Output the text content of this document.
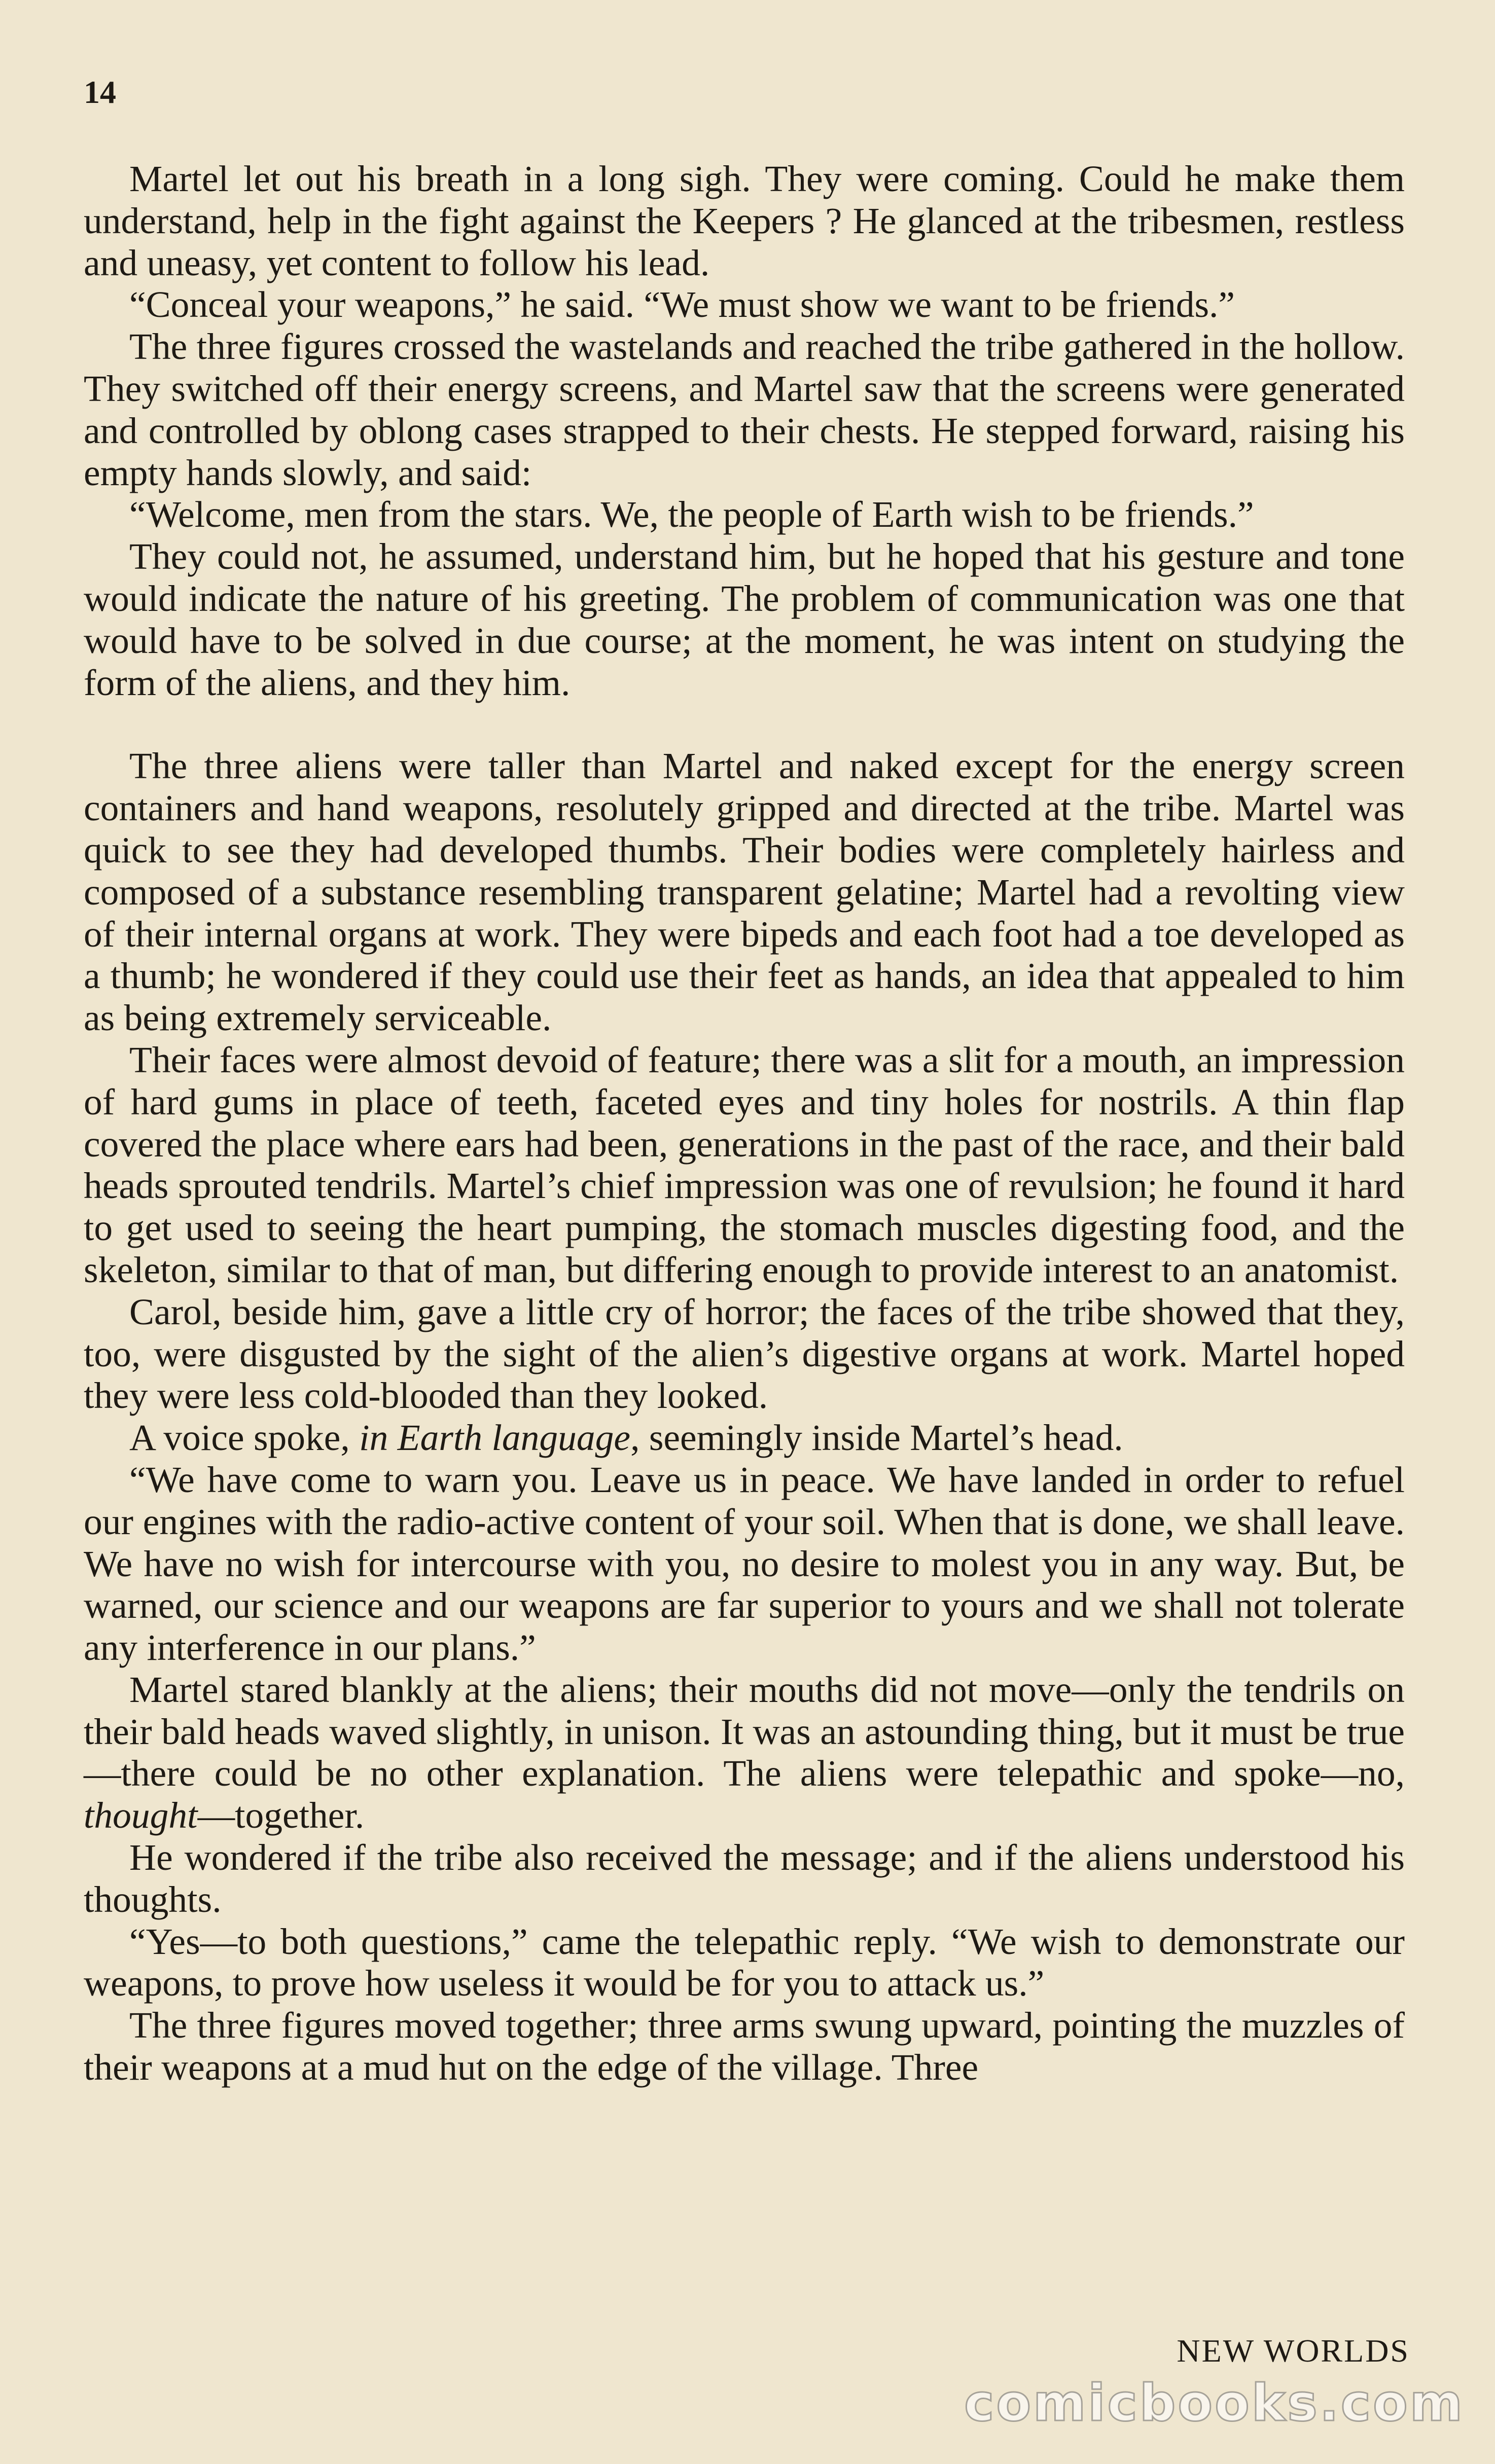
14

Martel let out his breath in a long sigh. They were coming. Could he make them understand, help in the fight against the Keepers ? He glanced at the tribesmen, restless and uneasy, yet content to follow his lead.

“Conceal your weapons,” he said. “We must show we want to be friends.”

The three figures crossed the wastelands and reached the tribe gathered in the hollow. They switched off their energy screens, and Martel saw that the screens were generated and controlled by oblong cases strapped to their chests. He stepped forward, raising his empty hands slowly, and said:

“Welcome, men from the stars. We, the people of Earth wish to be friends.”

They could not, he assumed, understand him, but he hoped that his gesture and tone would indicate the nature of his greeting. The problem of communication was one that would have to be solved in due course; at the moment, he was intent on studying the form of the aliens, and they him.

The three aliens were taller than Martel and naked except for the energy screen containers and hand weapons, resolutely gripped and directed at the tribe. Martel was quick to see they had developed thumbs. Their bodies were completely hairless and composed of a substance resembling transparent gelatine; Martel had a revolting view of their internal organs at work. They were bipeds and each foot had a toe developed as a thumb; he wondered if they could use their feet as hands, an idea that appealed to him as being extremely serviceable.

Their faces were almost devoid of feature; there was a slit for a mouth, an impression of hard gums in place of teeth, faceted eyes and tiny holes for nostrils. A thin flap covered the place where ears had been, generations in the past of the race, and their bald heads sprouted tendrils. Martel’s chief impression was one of revulsion; he found it hard to get used to seeing the heart pumping, the stomach muscles digesting food, and the skeleton, similar to that of man, but differing enough to provide interest to an anatomist.

Carol, beside him, gave a little cry of horror; the faces of the tribe showed that they, too, were disgusted by the sight of the alien’s digestive organs at work. Martel hoped they were less cold-blooded than they looked.

A voice spoke, in Earth language, seemingly inside Martel’s head.

“We have come to warn you. Leave us in peace. We have landed in order to refuel our engines with the radio-active content of your soil. When that is done, we shall leave. We have no wish for intercourse with you, no desire to molest you in any way. But, be warned, our science and our weapons are far superior to yours and we shall not tolerate any interference in our plans.”

Martel stared blankly at the aliens; their mouths did not move—only the tendrils on their bald heads waved slightly, in unison. It was an astounding thing, but it must be true—there could be no other explanation. The aliens were telepathic and spoke—no, thought—together.

He wondered if the tribe also received the message; and if the aliens understood his thoughts.

“Yes—to both questions,” came the telepathic reply. “We wish to demonstrate our weapons, to prove how useless it would be for you to attack us.”

The three figures moved together; three arms swung upward, pointing the muzzles of their weapons at a mud hut on the edge of the village. Three

NEW WORLDS
comicbooks.com
